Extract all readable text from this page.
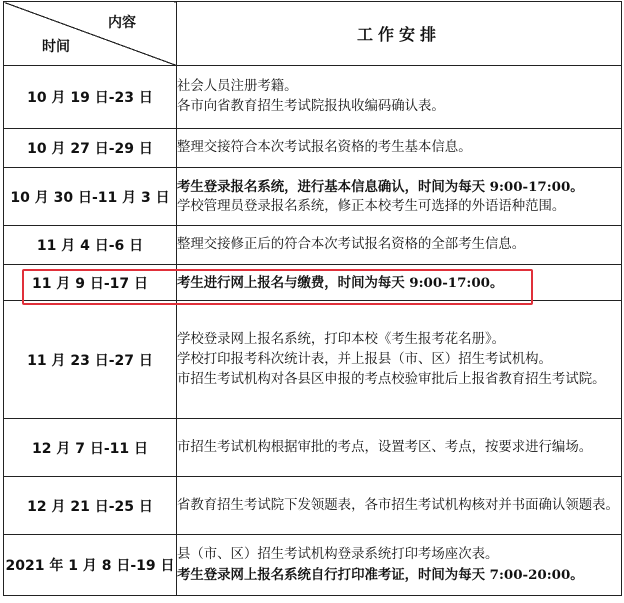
内容
时间	工作安排
10 月 19 日-23 日	社会人员注册考籍。
各市向省教育招生考试院报执收编码确认表。

10 月 27 日-29 日	整理交接符合本次考试报名资格的考生基本信息。

10 月 30 日-11 月 3 日	考生登录报名系统，进行基本信息确认，时间为每天 9:00-17:00。
学校管理员登录报名系统，修正本校考生可选择的外语语种范围。

11 月 4 日-6 日	整理交接修正后的符合本次考试报名资格的全部考生信息。

11 月 9 日-17 日	考生进行网上报名与缴费，时间为每天 9:00-17:00。

11 月 23 日-27 日	学校登录网上报名系统，打印本校《考生报考花名册》。
学校打印报考科次统计表，并上报县（市、区）招生考试机构。
市招生考试机构对各县区申报的考点校验审批后上报省教育招生考试院。

12 月 7 日-11 日	市招生考试机构根据审批的考点，设置考区、考点，按要求进行编场。

12 月 21 日-25 日	省教育招生考试院下发领题表，各市招生考试机构核对并书面确认领题表。

2021 年 1 月 8 日-19 日	县（市、区）招生考试机构登录系统打印考场座次表。
考生登录网上报名系统自行打印准考证，时间为每天 7:00-20:00。
